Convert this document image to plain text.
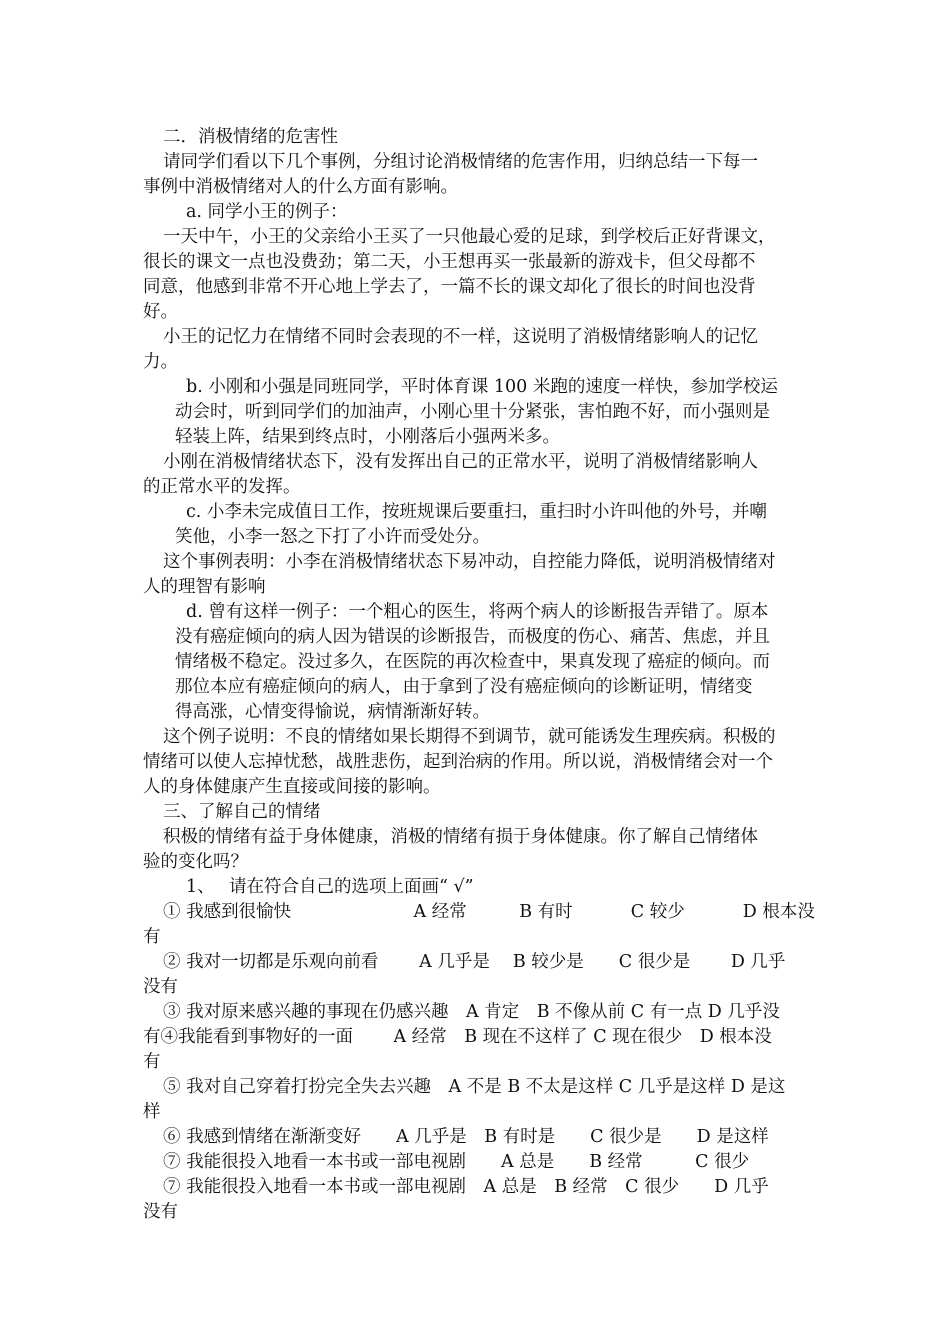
二．消极情绪的危害性
请同学们看以下几个事例，分组讨论消极情绪的危害作用，归纳总结一下每一
事例中消极情绪对人的什么方面有影响。
a. 同学小王的例子：
一天中午，小王的父亲给小王买了一只他最心爱的足球，到学校后正好背课文，
很长的课文一点也没费劲；第二天，小王想再买一张最新的游戏卡，但父母都不
同意，他感到非常不开心地上学去了，一篇不长的课文却化了很长的时间也没背
好。
小王的记忆力在情绪不同时会表现的不一样，这说明了消极情绪影响人的记忆
力。
b. 小刚和小强是同班同学，平时体育课 100 米跑的速度一样快，参加学校运
动会时，听到同学们的加油声，小刚心里十分紧张，害怕跑不好，而小强则是
轻装上阵，结果到终点时，小刚落后小强两米多。
小刚在消极情绪状态下，没有发挥出自己的正常水平，说明了消极情绪影响人
的正常水平的发挥。
c. 小李未完成值日工作，按班规课后要重扫，重扫时小许叫他的外号，并嘲
笑他，小李一怒之下打了小许而受处分。
这个事例表明：小李在消极情绪状态下易冲动，自控能力降低，说明消极情绪对
人的理智有影响
d. 曾有这样一例子：一个粗心的医生，将两个病人的诊断报告弄错了。原本
没有癌症倾向的病人因为错误的诊断报告，而极度的伤心、痛苦、焦虑，并且
情绪极不稳定。没过多久，在医院的再次检查中，果真发现了癌症的倾向。而
那位本应有癌症倾向的病人，由于拿到了没有癌症倾向的诊断证明，情绪变
得高涨，心情变得愉说，病情渐渐好转。
这个例子说明：不良的情绪如果长期得不到调节，就可能诱发生理疾病。积极的
情绪可以使人忘掉忧愁，战胜悲伤，起到治病的作用。所以说，消极情绪会对一个
人的身体健康产生直接或间接的影响。
三、了解自己的情绪
积极的情绪有益于身体健康，消极的情绪有损于身体健康。你了解自己情绪体
验的变化吗？
1、　 请在符合自己的选项上面画“ √”
① 我感到很愉快　　　　　　　A 经常　　　B 有时　　　 C 较少　　　 D 根本没
有
② 我对一切都是乐观向前看　　 A 几乎是　 B 较少是　　C 很少是　　 D 几乎
没有
③ 我对原来感兴趣的事现在仍感兴趣　A 肯定　B 不像从前 C 有一点 D 几乎没
有④我能看到事物好的一面　　 A 经常　B 现在不这样了 C 现在很少　D 根本没
有
⑤ 我对自己穿着打扮完全失去兴趣　A 不是 B 不太是这样 C 几乎是这样 D 是这
样
⑥ 我感到情绪在渐渐变好　　A 几乎是　B 有时是　　C 很少是　　D 是这样
⑦ 我能很投入地看一本书或一部电视剧　　A 总是　　B 经常　　　C 很少
⑦ 我能很投入地看一本书或一部电视剧　A 总是　B 经常　C 很少　　D 几乎
没有
